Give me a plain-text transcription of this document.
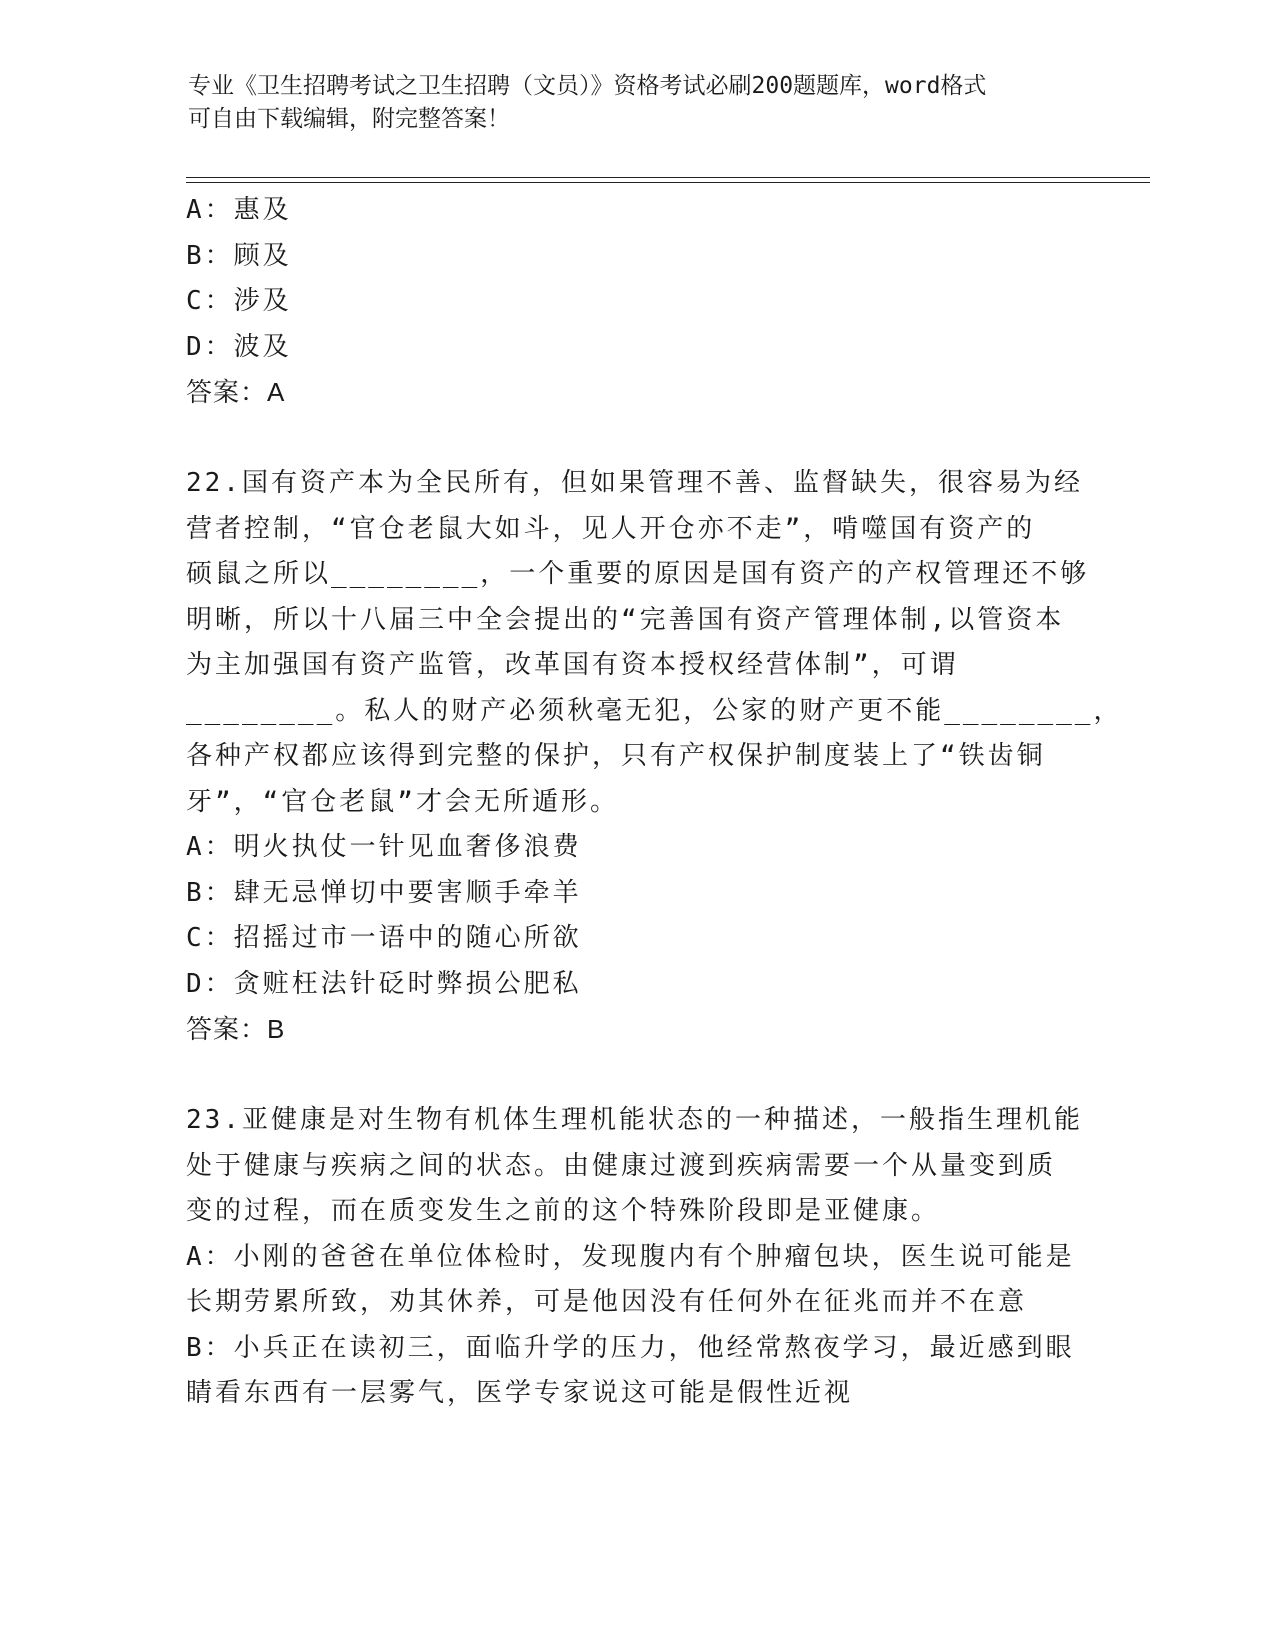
专业《卫生招聘考试之卫生招聘（文员）》资格考试必刷200题题库，word格式
可自由下载编辑，附完整答案！
A：惠及
B：顾及
C：涉及
D：波及
答案：A
22.国有资产本为全民所有，但如果管理不善、监督缺失，很容易为经
营者控制，“官仓老鼠大如斗，见人开仓亦不走”，啃噬国有资产的
硕鼠之所以________，一个重要的原因是国有资产的产权管理还不够
明晰，所以十八届三中全会提出的“完善国有资产管理体制,以管资本
为主加强国有资产监管，改革国有资本授权经营体制”，可谓
________。私人的财产必须秋毫无犯，公家的财产更不能________，
各种产权都应该得到完整的保护，只有产权保护制度装上了“铁齿铜
牙”，“官仓老鼠”才会无所遁形。
A：明火执仗一针见血奢侈浪费
B：肆无忌惮切中要害顺手牵羊
C：招摇过市一语中的随心所欲
D：贪赃枉法针砭时弊损公肥私
答案：B
23.亚健康是对生物有机体生理机能状态的一种描述，一般指生理机能
处于健康与疾病之间的状态。由健康过渡到疾病需要一个从量变到质
变的过程，而在质变发生之前的这个特殊阶段即是亚健康。
A：小刚的爸爸在单位体检时，发现腹内有个肿瘤包块，医生说可能是
长期劳累所致，劝其休养，可是他因没有任何外在征兆而并不在意
B：小兵正在读初三，面临升学的压力，他经常熬夜学习，最近感到眼
睛看东西有一层雾气，医学专家说这可能是假性近视
